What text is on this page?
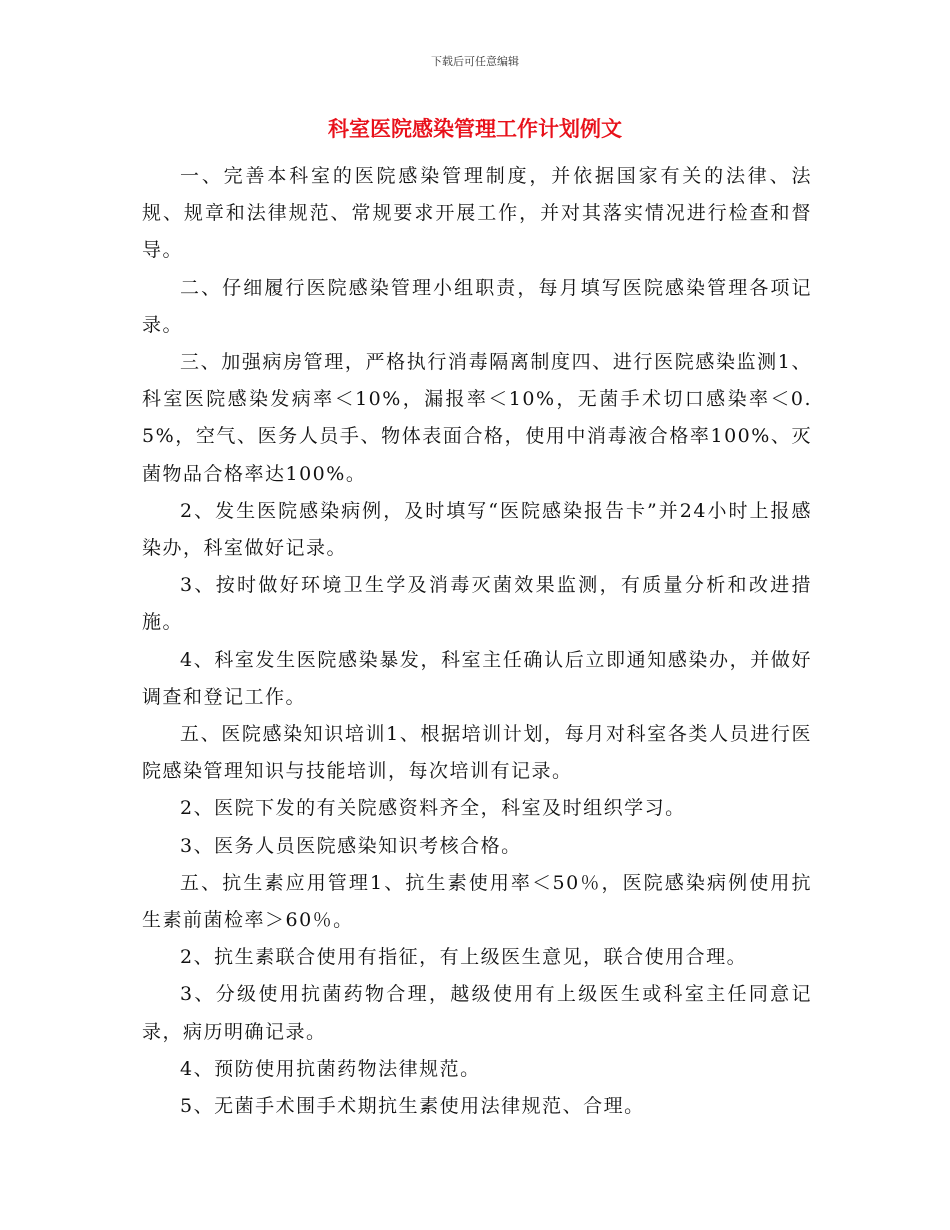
下载后可任意编辑
科室医院感染管理工作计划例文

一、完善本科室的医院感染管理制度，并依据国家有关的法律、法规、规章和法律规范、常规要求开展工作，并对其落实情况进行检查和督导。

二、仔细履行医院感染管理小组职责，每月填写医院感染管理各项记录。

三、加强病房管理，严格执行消毒隔离制度四、进行医院感染监测1、科室医院感染发病率＜10%，漏报率＜10%，无菌手术切口感染率＜0.5%，空气、医务人员手、物体表面合格，使用中消毒液合格率100%、灭菌物品合格率达100%。

2、发生医院感染病例，及时填写“医院感染报告卡”并24小时上报感染办，科室做好记录。

3、按时做好环境卫生学及消毒灭菌效果监测，有质量分析和改进措施。

4、科室发生医院感染暴发，科室主任确认后立即通知感染办，并做好调查和登记工作。

五、医院感染知识培训1、根据培训计划，每月对科室各类人员进行医院感染管理知识与技能培训，每次培训有记录。

2、医院下发的有关院感资料齐全，科室及时组织学习。

3、医务人员医院感染知识考核合格。

五、抗生素应用管理1、抗生素使用率＜50％，医院感染病例使用抗生素前菌检率＞60％。

2、抗生素联合使用有指征，有上级医生意见，联合使用合理。

3、分级使用抗菌药物合理，越级使用有上级医生或科室主任同意记录，病历明确记录。

4、预防使用抗菌药物法律规范。

5、无菌手术围手术期抗生素使用法律规范、合理。
